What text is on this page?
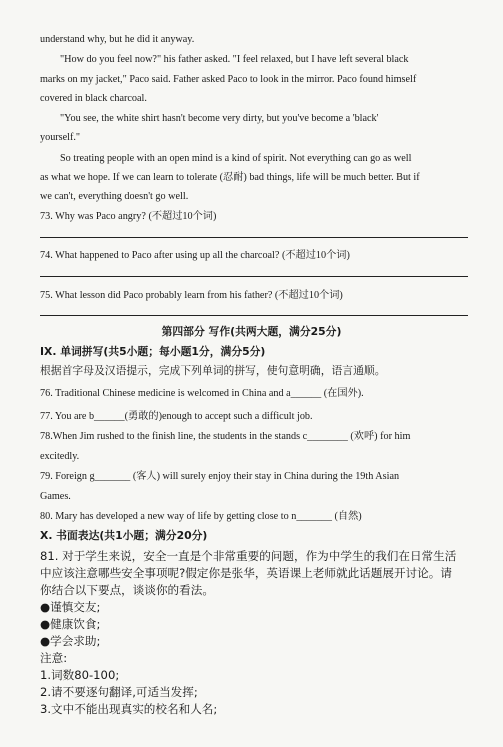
understand why, but he did it anyway.
"How do you feel now?" his father asked. "I feel relaxed, but I have left several black
marks on my jacket," Paco said. Father asked Paco to look in the mirror. Paco found himself
covered in black charcoal.
"You see, the white shirt hasn't become very dirty, but you've become a 'black'
yourself."
So treating people with an open mind is a kind of spirit. Not everything can go as well
as what we hope. If we can learn to tolerate (忍耐) bad things, life will be much better. But if
we can't, everything doesn't go well.
73. Why was Paco angry? (不超过10个词)
74. What happened to Paco after using up all the charcoal? (不超过10个词)
75. What lesson did Paco probably learn from his father? (不超过10个词)
第四部分 写作(共两大题，满分25分)
IX. 单词拼写(共5小题；每小题1分，满分5分)
根据首字母及汉语提示，完成下列单词的拼写，使句意明确，语言通顺。
76. Traditional Chinese medicine is welcomed in China and a______ (在国外).
77. You are b______(勇敢的)enough to accept such a difficult job.
78.When Jim rushed to the finish line, the students in the stands c________ (欢呼) for him
excitedly.
79. Foreign g_______ (客人) will surely enjoy their stay in China during the 19th Asian
Games.
80. Mary has developed a new way of life by getting close to n_______ (自然)
X. 书面表达(共1小题；满分20分)
81. 对于学生来说，安全一直是个非常重要的问题，作为中学生的我们在日常生活
中应该注意哪些安全事项呢?假定你是张华，英语课上老师就此话题展开讨论。请
你结合以下要点，谈谈你的看法。
●谨慎交友;
●健康饮食;
●学会求助;
注意:
1.词数80-100;
2.请不要逐句翻译,可适当发挥;
3.文中不能出现真实的校名和人名;
